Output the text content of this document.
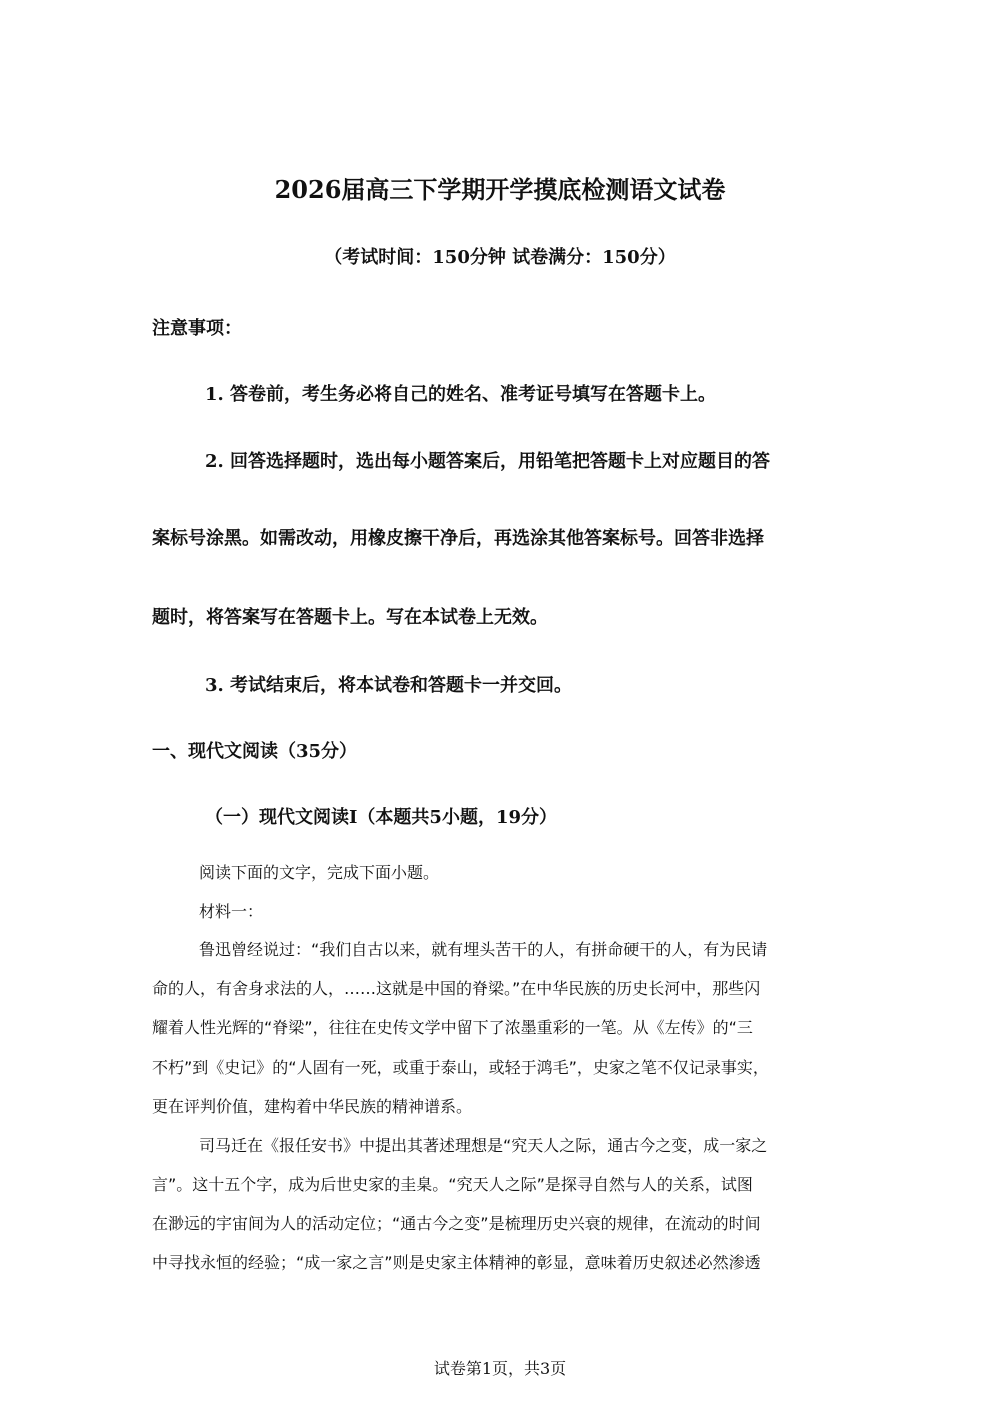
2026届高三下学期开学摸底检测语文试卷
（考试时间：150分钟 试卷满分：150分）
注意事项：
1. 答卷前，考生务必将自己的姓名、准考证号填写在答题卡上。
2. 回答选择题时，选出每小题答案后，用铅笔把答题卡上对应题目的答
案标号涂黑。如需改动，用橡皮擦干净后，再选涂其他答案标号。回答非选择
题时，将答案写在答题卡上。写在本试卷上无效。
3. 考试结束后，将本试卷和答题卡一并交回。
一、现代文阅读（35分）
（一）现代文阅读I（本题共5小题，19分）
阅读下面的文字，完成下面小题。
材料一：
鲁迅曾经说过：“我们自古以来，就有埋头苦干的人，有拼命硬干的人，有为民请
命的人，有舍身求法的人，……这就是中国的脊梁。”在中华民族的历史长河中，那些闪
耀着人性光辉的“脊梁”，往往在史传文学中留下了浓墨重彩的一笔。从《左传》的“三
不朽”到《史记》的“人固有一死，或重于泰山，或轻于鸿毛”，史家之笔不仅记录事实，
更在评判价值，建构着中华民族的精神谱系。
司马迁在《报任安书》中提出其著述理想是“究天人之际，通古今之变，成一家之
言”。这十五个字，成为后世史家的圭臬。“究天人之际”是探寻自然与人的关系，试图
在渺远的宇宙间为人的活动定位；“通古今之变”是梳理历史兴衰的规律，在流动的时间
中寻找永恒的经验；“成一家之言”则是史家主体精神的彰显，意味着历史叙述必然渗透
试卷第1页，共3页
